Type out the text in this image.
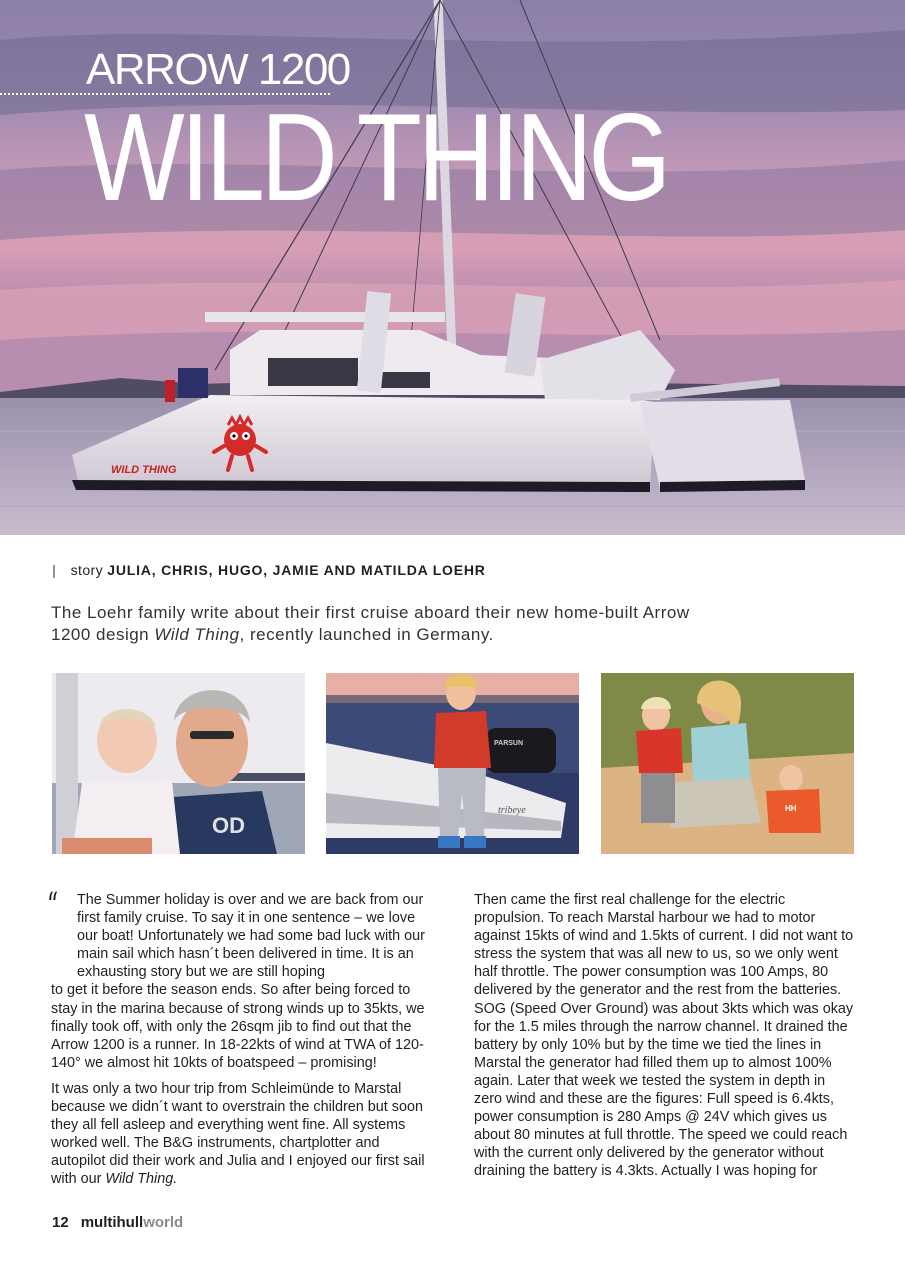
WILD THING
ARROW 1200
WILD THING
| story JULIA, CHRIS, HUGO, JAMIE AND MATILDA LOEHR
The Loehr family write about their first cruise aboard their new home-built Arrow 1200 design Wild Thing, recently launched in Germany.
OD
tribeye
PARSUN
HH
“ The Summer holiday is over and we are back from our first family cruise. To say it in one sentence – we love our boat! Unfortunately we had some bad luck with our main sail which hasn´t been delivered in time. It is an exhausting story but we are still hoping
to get it before the season ends. So after being forced to stay in the marina because of strong winds up to 35kts, we finally took off, with only the 26sqm jib to find out that the Arrow 1200 is a runner. In 18-22kts of wind at TWA of 120-140° we almost hit 10kts of boatspeed – promising!

It was only a two hour trip from Schleimünde to Marstal because we didn´t want to overstrain the children but soon they all fell asleep and everything went fine. All systems worked well. The B&G instruments, chartplotter and autopilot did their work and Julia and I enjoyed our first sail with our Wild Thing.

Then came the first real challenge for the electric propulsion. To reach Marstal harbour we had to motor against 15kts of wind and 1.5kts of current. I did not want to stress the system that was all new to us, so we only went half throttle. The power consumption was 100 Amps, 80 delivered by the generator and the rest from the batteries. SOG (Speed Over Ground) was about 3kts which was okay for the 1.5 miles through the narrow channel. It drained the battery by only 10% but by the time we tied the lines in Marstal the generator had filled them up to almost 100% again. Later that week we tested the system in depth in zero wind and these are the figures: Full speed is 6.4kts, power consumption is 280 Amps @ 24V which gives us about 80 minutes at full throttle. The speed we could reach with the current only delivered by the generator without draining the battery is 4.3kts. Actually I was hoping for

12 multihullworld
